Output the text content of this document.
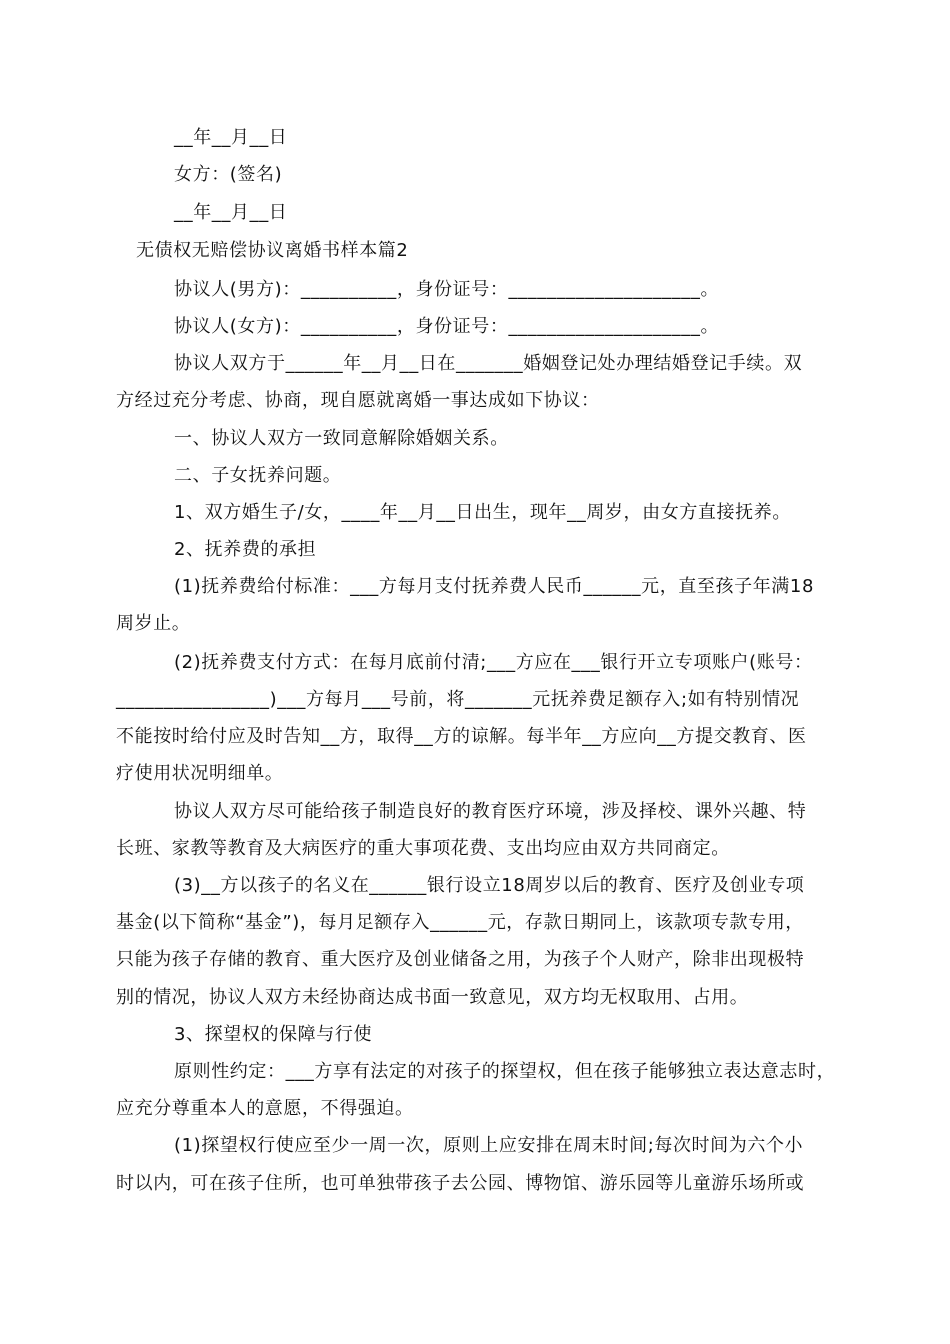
__年__月__日

女方：(签名)

__年__月__日

无债权无赔偿协议离婚书样本篇2

协议人(男方)：__________，身份证号：____________________。

协议人(女方)：__________，身份证号：____________________。

协议人双方于______年__月__日在_______婚姻登记处办理结婚登记手续。双

方经过充分考虑、协商，现自愿就离婚一事达成如下协议：

一、协议人双方一致同意解除婚姻关系。

二、子女抚养问题。

1、双方婚生子/女，____年__月__日出生，现年__周岁，由女方直接抚养。

2、抚养费的承担

(1)抚养费给付标准：___方每月支付抚养费人民币______元，直至孩子年满18

周岁止。

(2)抚养费支付方式：在每月底前付清;___方应在___银行开立专项账户(账号：

________________)___方每月___号前，将_______元抚养费足额存入;如有特别情况

不能按时给付应及时告知__方，取得__方的谅解。每半年__方应向__方提交教育、医

疗使用状况明细单。

协议人双方尽可能给孩子制造良好的教育医疗环境，涉及择校、课外兴趣、特

长班、家教等教育及大病医疗的重大事项花费、支出均应由双方共同商定。

(3)__方以孩子的名义在______银行设立18周岁以后的教育、医疗及创业专项

基金(以下简称“基金”)，每月足额存入______元，存款日期同上，该款项专款专用，

只能为孩子存储的教育、重大医疗及创业储备之用，为孩子个人财产，除非出现极特

别的情况，协议人双方未经协商达成书面一致意见，双方均无权取用、占用。

3、探望权的保障与行使

原则性约定：___方享有法定的对孩子的探望权，但在孩子能够独立表达意志时，

应充分尊重本人的意愿，不得强迫。

(1)探望权行使应至少一周一次，原则上应安排在周末时间;每次时间为六个小

时以内，可在孩子住所，也可单独带孩子去公园、博物馆、游乐园等儿童游乐场所或
